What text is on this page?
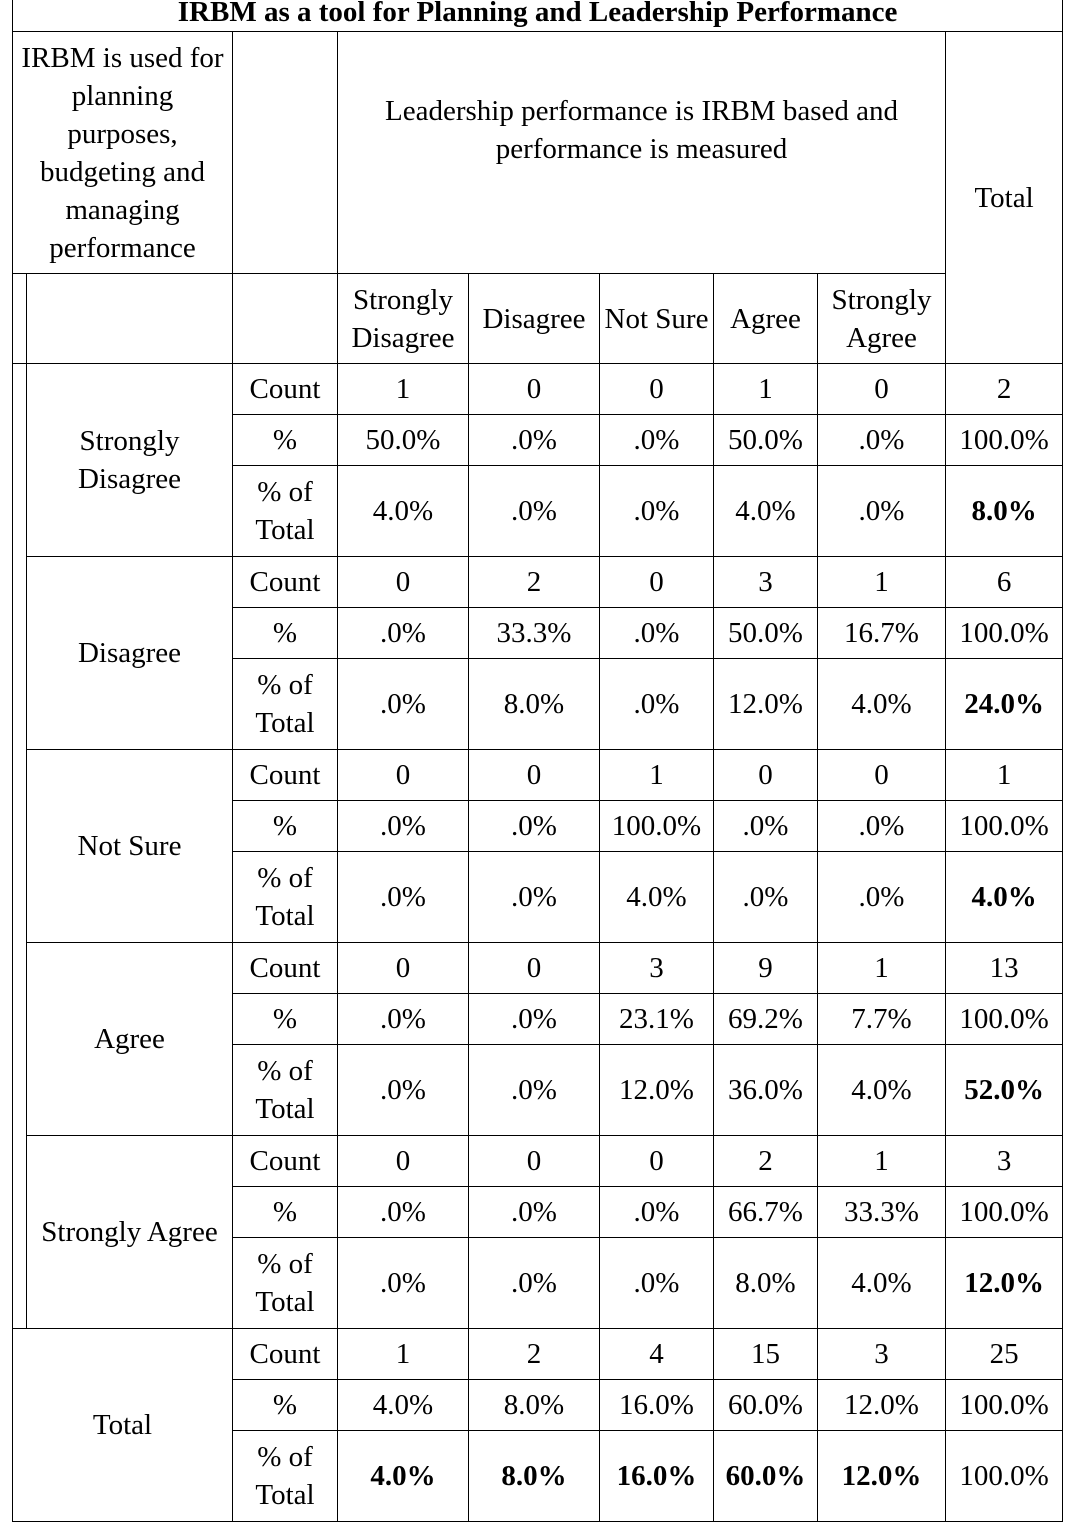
IRBM as a tool for Planning and Leadership Performance								
IRBM is used for planning purposes, budgeting and managing performance			Leadership performance is IRBM based and performance is measured					Total
			Strongly Disagree	Disagree	Not Sure	Agree	Strongly Agree	
	Strongly Disagree	Count	1	0	0	1	0	2
		%	50.0%	.0%	.0%	50.0%	.0%	100.0%
		% of Total	4.0%	.0%	.0%	4.0%	.0%	8.0%
	Disagree	Count	0	2	0	3	1	6
		%	.0%	33.3%	.0%	50.0%	16.7%	100.0%
		% of Total	.0%	8.0%	.0%	12.0%	4.0%	24.0%
	Not Sure	Count	0	0	1	0	0	1
		%	.0%	.0%	100.0%	.0%	.0%	100.0%
		% of Total	.0%	.0%	4.0%	.0%	.0%	4.0%
	Agree	Count	0	0	3	9	1	13
		%	.0%	.0%	23.1%	69.2%	7.7%	100.0%
		% of Total	.0%	.0%	12.0%	36.0%	4.0%	52.0%
	Strongly Agree	Count	0	0	0	2	1	3
		%	.0%	.0%	.0%	66.7%	33.3%	100.0%
		% of Total	.0%	.0%	.0%	8.0%	4.0%	12.0%
Total		Count	1	2	4	15	3	25
		%	4.0%	8.0%	16.0%	60.0%	12.0%	100.0%
		% of Total	4.0%	8.0%	16.0%	60.0%	12.0%	100.0%
